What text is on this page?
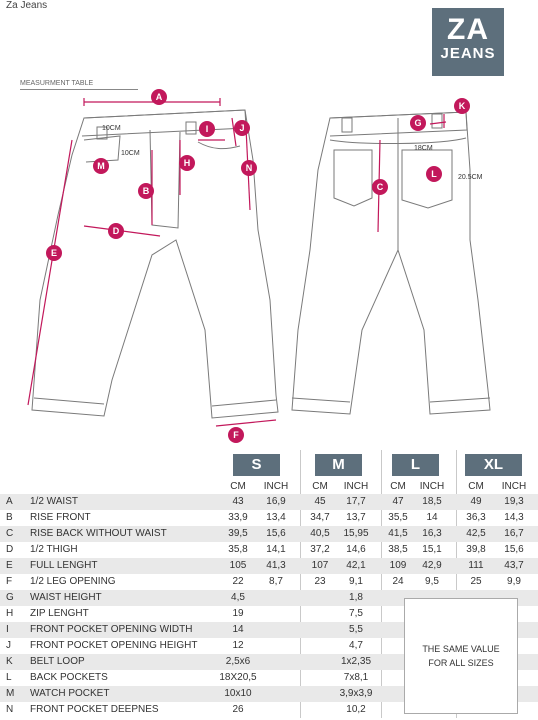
Za Jeans
ZA
JEANS
MEASURMENT TABLE
A
I	J
M	H	N
B
D
E
F
K
G
L
C
10CM
10CM
18CM
20.5CM
S	M	L	XL
CM	INCH	CM	INCH	CM	INCH	CM	INCH
A 1/2 WAIST	43	16,9	45	17,7	47	18,5	49	19,3
B RISE FRONT	33,9	13,4	34,7	13,7	35,5	14	36,3	14,3
C RISE BACK WITHOUT WAIST	39,5	15,6	40,5	15,95	41,5	16,3	42,5	16,7
D 1/2 THIGH	35,8	14,1	37,2	14,6	38,5	15,1	39,8	15,6
E FULL LENGHT	105	41,3	107	42,1	109	42,9	111	43,7
F 1/2 LEG OPENING	22	8,7	23	9,1	24	9,5	25	9,9
G WAIST HEIGHT	4,5	1,8
H ZIP LENGHT	19	7,5
I FRONT POCKET OPENING WIDTH	14	5,5
J FRONT POCKET OPENING HEIGHT	12	4,7
K BELT LOOP	2,5x6	1x2,35
L BACK POCKETS	18X20,5	7x8,1
M WATCH POCKET	10x10	3,9x3,9
N FRONT POCKET DEEPNES	26	10,2
THE SAME VALUE
FOR ALL SIZES
